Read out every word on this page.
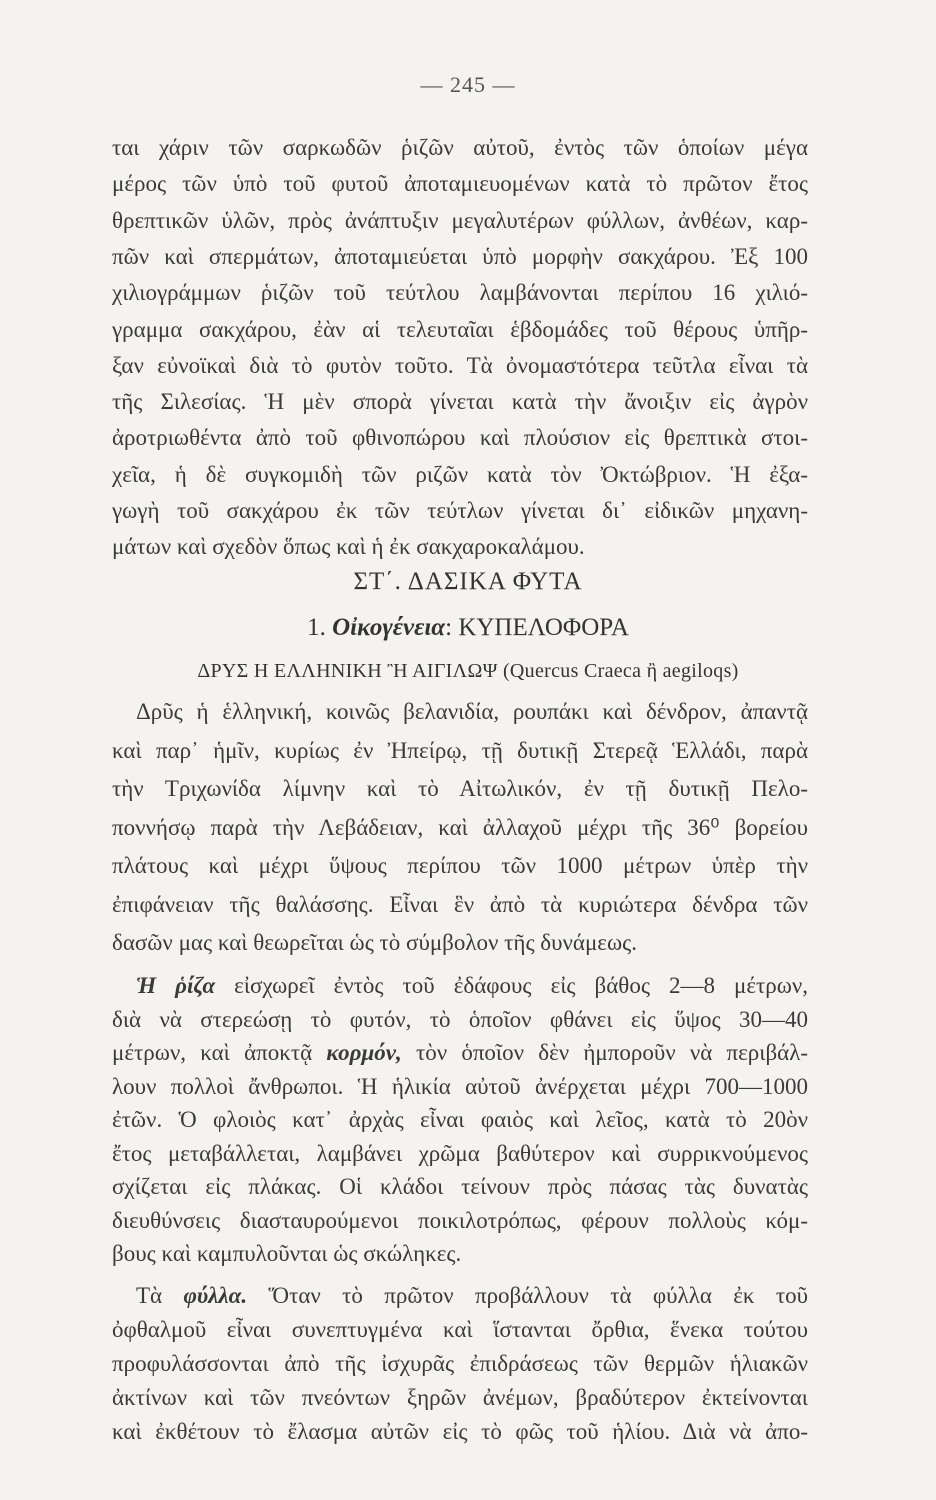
— 245 —
ται χάριν τῶν σαρκωδῶν ῥιζῶν αὐτοῦ, ἐντὸς τῶν ὁποίων μέγα
μέρος τῶν ὑπὸ τοῦ φυτοῦ ἀποταμιευομένων κατὰ τὸ πρῶτον ἔτος
θρεπτικῶν ὑλῶν, πρὸς ἀνάπτυξιν μεγαλυτέρων φύλλων, ἀνθέων, καρ-
πῶν καὶ σπερμάτων, ἀποταμιεύεται ὑπὸ μορφὴν σακχάρου. Ἐξ 100
χιλιογράμμων ῥιζῶν τοῦ τεύτλου λαμβάνονται περίπου 16 χιλιό-
γραμμα σακχάρου, ἐὰν αἱ τελευταῖαι ἑβδομάδες τοῦ θέρους ὑπῆρ-
ξαν εὐνοϊκαὶ διὰ τὸ φυτὸν τοῦτο. Τὰ ὀνομαστότερα τεῦτλα εἶναι τὰ
τῆς Σιλεσίας. Ἡ μὲν σπορὰ γίνεται κατὰ τὴν ἄνοιξιν εἰς ἀγρὸν
ἀροτριωθέντα ἀπὸ τοῦ φθινοπώρου καὶ πλούσιον εἰς θρεπτικὰ στοι-
χεῖα, ἡ δὲ συγκομιδὴ τῶν ριζῶν κατὰ τὸν Ὀκτώβριον. Ἡ ἐξα-
γωγὴ τοῦ σακχάρου ἐκ τῶν τεύτλων γίνεται δι᾽ εἰδικῶν μηχανη-
μάτων καὶ σχεδὸν ὅπως καὶ ἡ ἐκ σακχαροκαλάμου.
ΣΤ΄. ΔΑΣΙΚΑ ΦΥΤΑ
1. Οἰκογένεια: ΚΥΠΕΛΟΦΟΡΑ
ΔΡΥΣ Η ΕΛΛΗΝΙΚΗ Ἢ ΑΙΓΙΛΩΨ (Quercus Craeca ἢ aegiloqs)
Δρῦς ἡ ἑλληνική, κοινῶς βελανιδία, ρουπάκι καὶ δένδρον, ἀπαντᾷ
καὶ παρ᾽ ἡμῖν, κυρίως ἐν Ἠπείρῳ, τῇ δυτικῇ Στερεᾷ Ἑλλάδι, παρὰ
τὴν Τριχωνίδα λίμνην καὶ τὸ Αἰτωλικόν, ἐν τῇ δυτικῇ Πελο-
ποννήσῳ παρὰ τὴν Λεβάδειαν, καὶ ἀλλαχοῦ μέχρι τῆς 36⁰ βορείου
πλάτους καὶ μέχρι ὕψους περίπου τῶν 1000 μέτρων ὑπὲρ τὴν
ἐπιφάνειαν τῆς θαλάσσης. Εἶναι ἓν ἀπὸ τὰ κυριώτερα δένδρα τῶν
δασῶν μας καὶ θεωρεῖται ὡς τὸ σύμβολον τῆς δυνάμεως.
Ἡ ῥίζα εἰσχωρεῖ ἐντὸς τοῦ ἐδάφους εἰς βάθος 2—8 μέτρων,
διὰ νὰ στερεώσῃ τὸ φυτόν, τὸ ὁποῖον φθάνει εἰς ὕψος 30—40
μέτρων, καὶ ἀποκτᾷ κορμόν, τὸν ὁποῖον δὲν ἠμποροῦν νὰ περιβάλ-
λουν πολλοὶ ἄνθρωποι. Ἡ ἡλικία αὐτοῦ ἀνέρχεται μέχρι 700—1000
ἐτῶν. Ὁ φλοιὸς κατ᾽ ἀρχὰς εἶναι φαιὸς καὶ λεῖος, κατὰ τὸ 20ὸν
ἔτος μεταβάλλεται, λαμβάνει χρῶμα βαθύτερον καὶ συρρικνούμενος
σχίζεται εἰς πλάκας. Οἱ κλάδοι τείνουν πρὸς πάσας τὰς δυνατὰς
διευθύνσεις διασταυρούμενοι ποικιλοτρόπως, φέρουν πολλοὺς κόμ-
βους καὶ καμπυλοῦνται ὡς σκώληκες.
Τὰ φύλλα. Ὅταν τὸ πρῶτον προβάλλουν τὰ φύλλα ἐκ τοῦ
ὀφθαλμοῦ εἶναι συνεπτυγμένα καὶ ἵστανται ὄρθια, ἕνεκα τούτου
προφυλάσσονται ἀπὸ τῆς ἰσχυρᾶς ἐπιδράσεως τῶν θερμῶν ἡλιακῶν
ἀκτίνων καὶ τῶν πνεόντων ξηρῶν ἀνέμων, βραδύτερον ἐκτείνονται
καὶ ἐκθέτουν τὸ ἔλασμα αὐτῶν εἰς τὸ φῶς τοῦ ἡλίου. Διὰ νὰ ἀπο-
